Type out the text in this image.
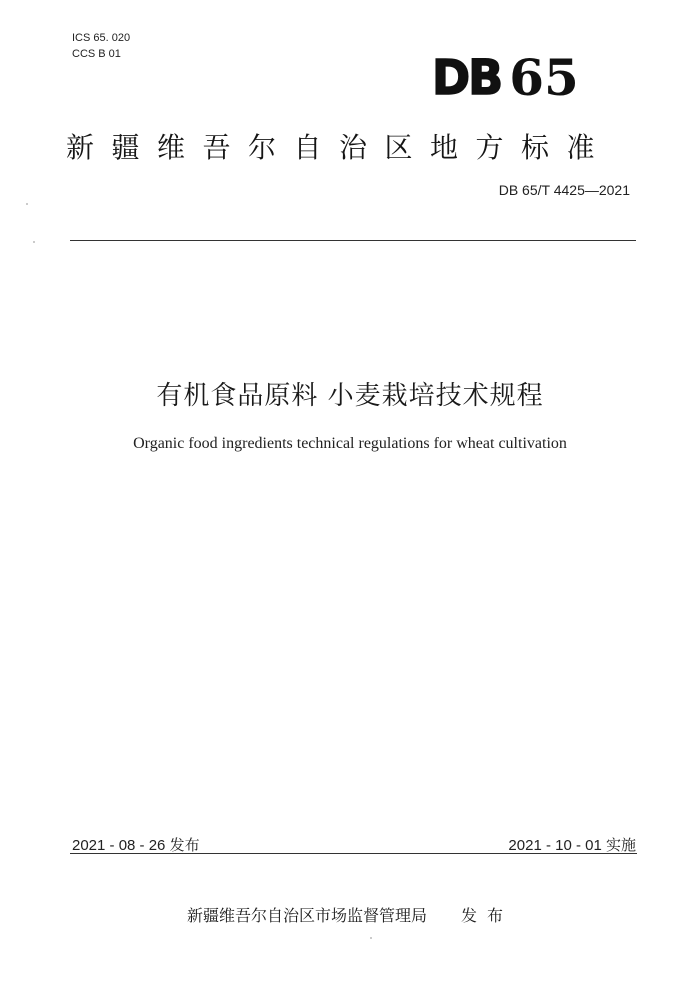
ICS 65. 020
CCS B 01	DB 65
新疆维吾尔自治区地方标准
DB 65/T 4425—2021
有机食品原料 小麦栽培技术规程
Organic food ingredients technical regulations for wheat cultivation
2021 - 08 - 26 发布	2021 - 10 - 01 实施
新疆维吾尔自治区市场监督管理局 发布
